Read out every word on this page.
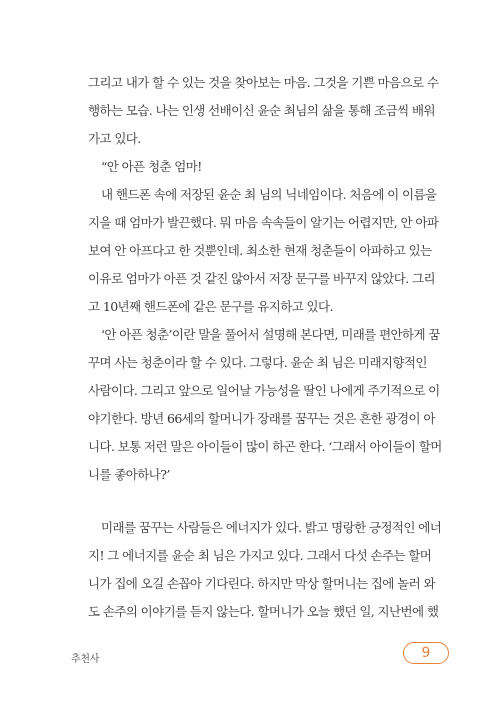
그리고 내가 할 수 있는 것을 찾아보는 마음. 그것을 기쁜 마음으로 수
행하는 모습. 나는 인생 선배이신 윤순 최님의 삶을 통해 조금씩 배워
가고 있다.
“안 아픈 청춘 엄마!
내 핸드폰 속에 저장된 윤순 최 님의 닉네임이다. 처음에 이 이름을
지을 때 엄마가 발끈했다. 뭐 마음 속속들이 알기는 어렵지만, 안 아파
보여 안 아프다고 한 것뿐인데. 최소한 현재 청춘들이 아파하고 있는
이유로 엄마가 아픈 것 같진 않아서 저장 문구를 바꾸지 않았다. 그리
고 10년째 핸드폰에 같은 문구를 유지하고 있다.
‘안 아픈 청춘’이란 말을 풀어서 설명해 본다면, 미래를 편안하게 꿈
꾸며 사는 청춘이라 할 수 있다. 그렇다. 윤순 최 님은 미래지향적인
사람이다. 그리고 앞으로 일어날 가능성을 딸인 나에게 주기적으로 이
야기한다. 방년 66세의 할머니가 장래를 꿈꾸는 것은 흔한 광경이 아
니다. 보통 저런 말은 아이들이 많이 하곤 한다. ‘그래서 아이들이 할머
니를 좋아하나?’
미래를 꿈꾸는 사람들은 에너지가 있다. 밝고 명랑한 긍정적인 에너
지! 그 에너지를 윤순 최 님은 가지고 있다. 그래서 다섯 손주는 할머
니가 집에 오길 손꼽아 기다린다. 하지만 막상 할머니는 집에 놀러 와
도 손주의 이야기를 듣지 않는다. 할머니가 오늘 했던 일, 지난번에 했
추천사	9
